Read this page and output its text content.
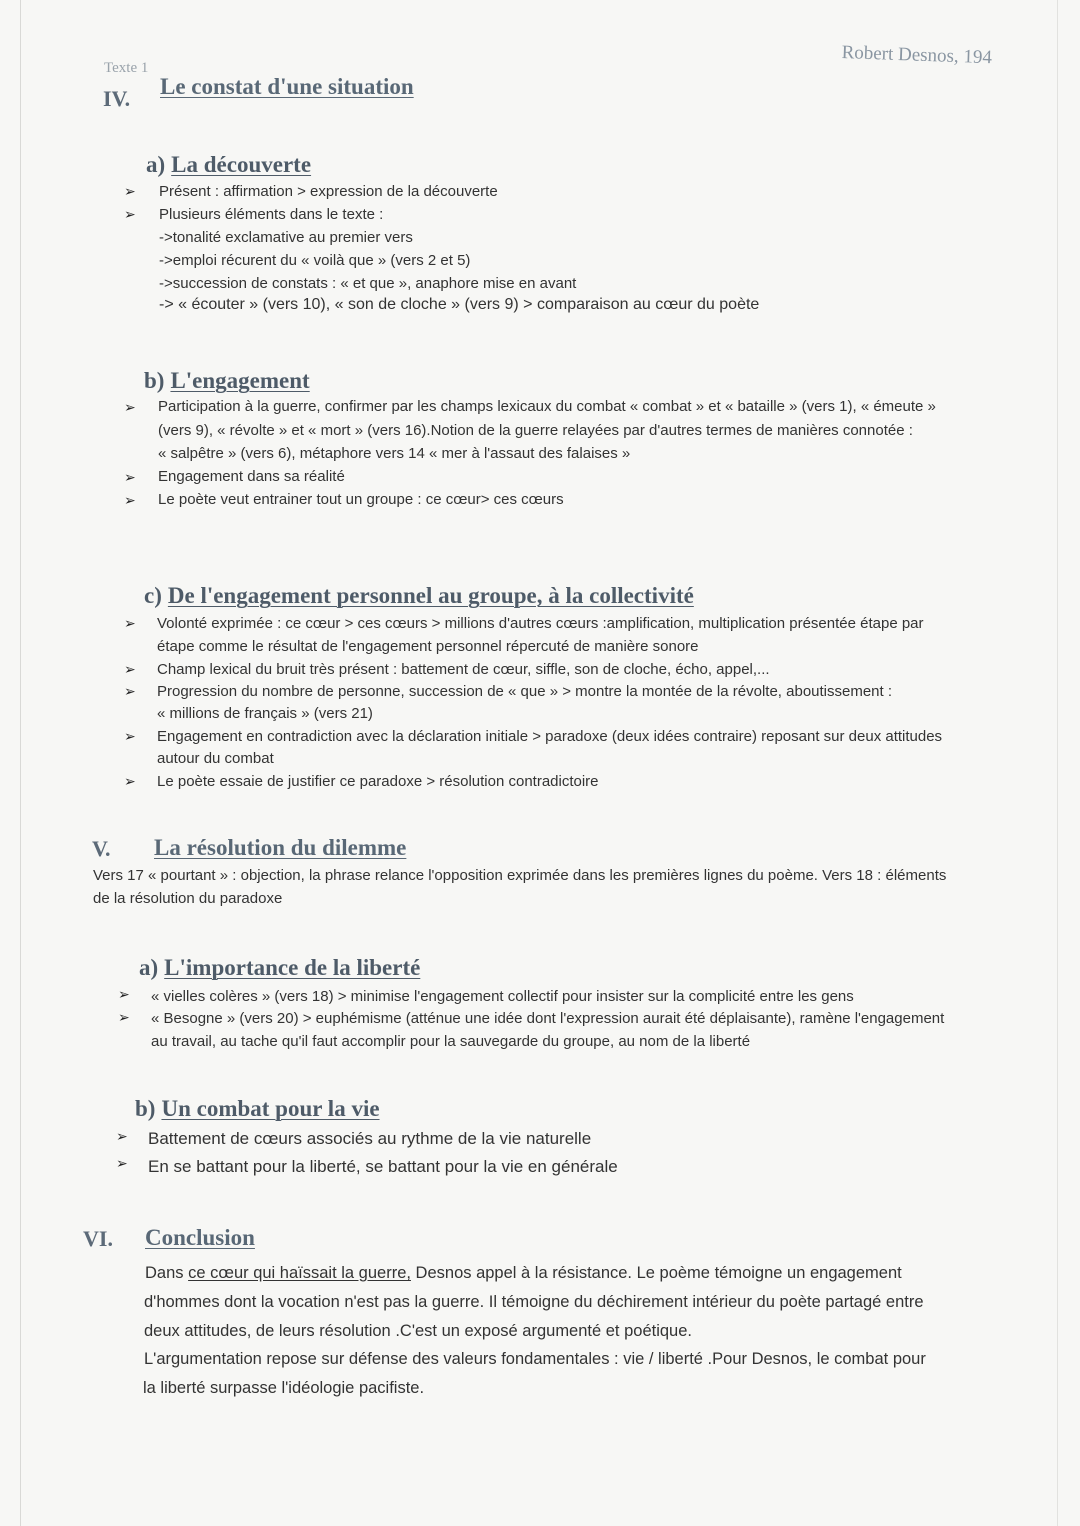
Robert Desnos, 194
Texte 1
IV. Le constat d'une situation
a) La découverte
➢ Présent : affirmation > expression de la découverte
➢ Plusieurs éléments dans le texte :
->tonalité exclamative au premier vers
->emploi récurent du « voilà que » (vers 2 et 5)
->succession de constats : « et que », anaphore mise en avant
-> « écouter » (vers 10), « son de cloche » (vers 9) > comparaison au cœur du poète
b) L'engagement
➢ Participation à la guerre, confirmer par les champs lexicaux du combat « combat » et « bataille » (vers 1), « émeute »
(vers 9), « révolte » et « mort » (vers 16).Notion de la guerre relayées par d'autres termes de manières connotée :
« salpêtre » (vers 6), métaphore vers 14 « mer à l'assaut des falaises »
➢ Engagement dans sa réalité
➢ Le poète veut entrainer tout un groupe : ce cœur> ces cœurs
c) De l'engagement personnel au groupe, à la collectivité
➢ Volonté exprimée : ce cœur > ces cœurs > millions d'autres cœurs :amplification, multiplication présentée étape par
étape comme le résultat de l'engagement personnel répercuté de manière sonore
➢ Champ lexical du bruit très présent : battement de cœur, siffle, son de cloche, écho, appel,...
➢ Progression du nombre de personne, succession de « que » > montre la montée de la révolte, aboutissement :
« millions de français » (vers 21)
➢ Engagement en contradiction avec la déclaration initiale > paradoxe (deux idées contraire) reposant sur deux attitudes
autour du combat
➢ Le poète essaie de justifier ce paradoxe > résolution contradictoire
V. La résolution du dilemme
Vers 17 « pourtant » : objection, la phrase relance l'opposition exprimée dans les premières lignes du poème. Vers 18 : éléments
de la résolution du paradoxe
a) L'importance de la liberté
➢ « vielles colères » (vers 18) > minimise l'engagement collectif pour insister sur la complicité entre les gens
➢ « Besogne » (vers 20) > euphémisme (atténue une idée dont l'expression aurait été déplaisante), ramène l'engagement
au travail, au tache qu'il faut accomplir pour la sauvegarde du groupe, au nom de la liberté
b) Un combat pour la vie
➢ Battement de cœurs associés au rythme de la vie naturelle
➢ En se battant pour la liberté, se battant pour la vie en générale
VI. Conclusion
Dans ce cœur qui haïssait la guerre, Desnos appel à la résistance. Le poème témoigne un engagement
d'hommes dont la vocation n'est pas la guerre. Il témoigne du déchirement intérieur du poète partagé entre
deux attitudes, de leurs résolution .C'est un exposé argumenté et poétique.
L'argumentation repose sur défense des valeurs fondamentales : vie / liberté .Pour Desnos, le combat pour
la liberté surpasse l'idéologie pacifiste.
